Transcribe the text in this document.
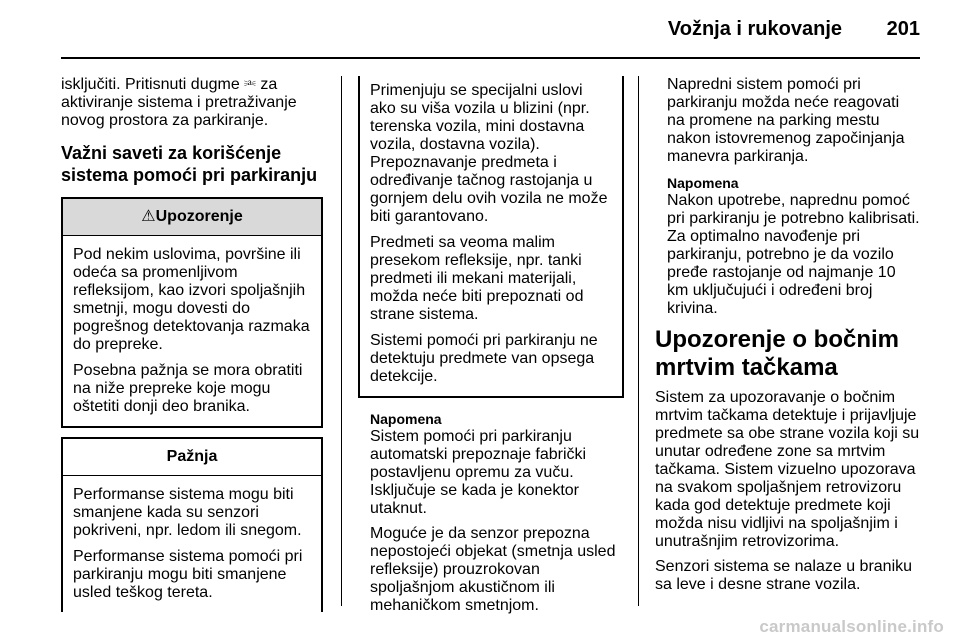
Vožnja i rukovanje 201

isključiti. Pritisnuti dugme ⎃ za aktiviranje sistema i pretraživanje novog prostora za parkiranje.

Važni saveti za korišćenje sistema pomoći pri parkiranju

⚠Upozorenje

Pod nekim uslovima, površine ili odeća sa promenljivom refleksijom, kao izvori spoljašnjih smetnji, mogu dovesti do pogrešnog detektovanja razmaka do prepreke.

Posebna pažnja se mora obratiti na niže prepreke koje mogu oštetiti donji deo branika.

Pažnja

Performanse sistema mogu biti smanjene kada su senzori pokriveni, npr. ledom ili snegom.

Performanse sistema pomoći pri parkiranju mogu biti smanjene usled teškog tereta.

Primenjuju se specijalni uslovi ako su viša vozila u blizini (npr. terenska vozila, mini dostavna vozila, dostavna vozila). Prepoznavanje predmeta i određivanje tačnog rastojanja u gornjem delu ovih vozila ne može biti garantovano.

Predmeti sa veoma malim presekom refleksije, npr. tanki predmeti ili mekani materijali, možda neće biti prepoznati od strane sistema.

Sistemi pomoći pri parkiranju ne detektuju predmete van opsega detekcije.

Napomena

Sistem pomoći pri parkiranju automatski prepoznaje fabrički postavljenu opremu za vuču. Isključuje se kada je konektor utaknut.

Moguće je da senzor prepozna nepostojeći objekat (smetnja usled refleksije) prouzrokovan spoljašnjom akustičnom ili mehaničkom smetnjom.

Napredni sistem pomoći pri parkiranju možda neće reagovati na promene na parking mestu nakon istovremenog započinjanja manevra parkiranja.

Napomena

Nakon upotrebe, naprednu pomoć pri parkiranju je potrebno kalibrisati. Za optimalno navođenje pri parkiranju, potrebno je da vozilo pređe rastojanje od najmanje 10 km uključujući i određeni broj krivina.

Upozorenje o bočnim mrtvim tačkama

Sistem za upozoravanje o bočnim mrtvim tačkama detektuje i prijavljuje predmete sa obe strane vozila koji su unutar određene zone sa mrtvim tačkama. Sistem vizuelno upozorava na svakom spoljašnjem retrovizoru kada god detektuje predmete koji možda nisu vidljivi na spoljašnjim i unutrašnjim retrovizorima.

Senzori sistema se nalaze u braniku sa leve i desne strane vozila.

carmanualsonline.info
